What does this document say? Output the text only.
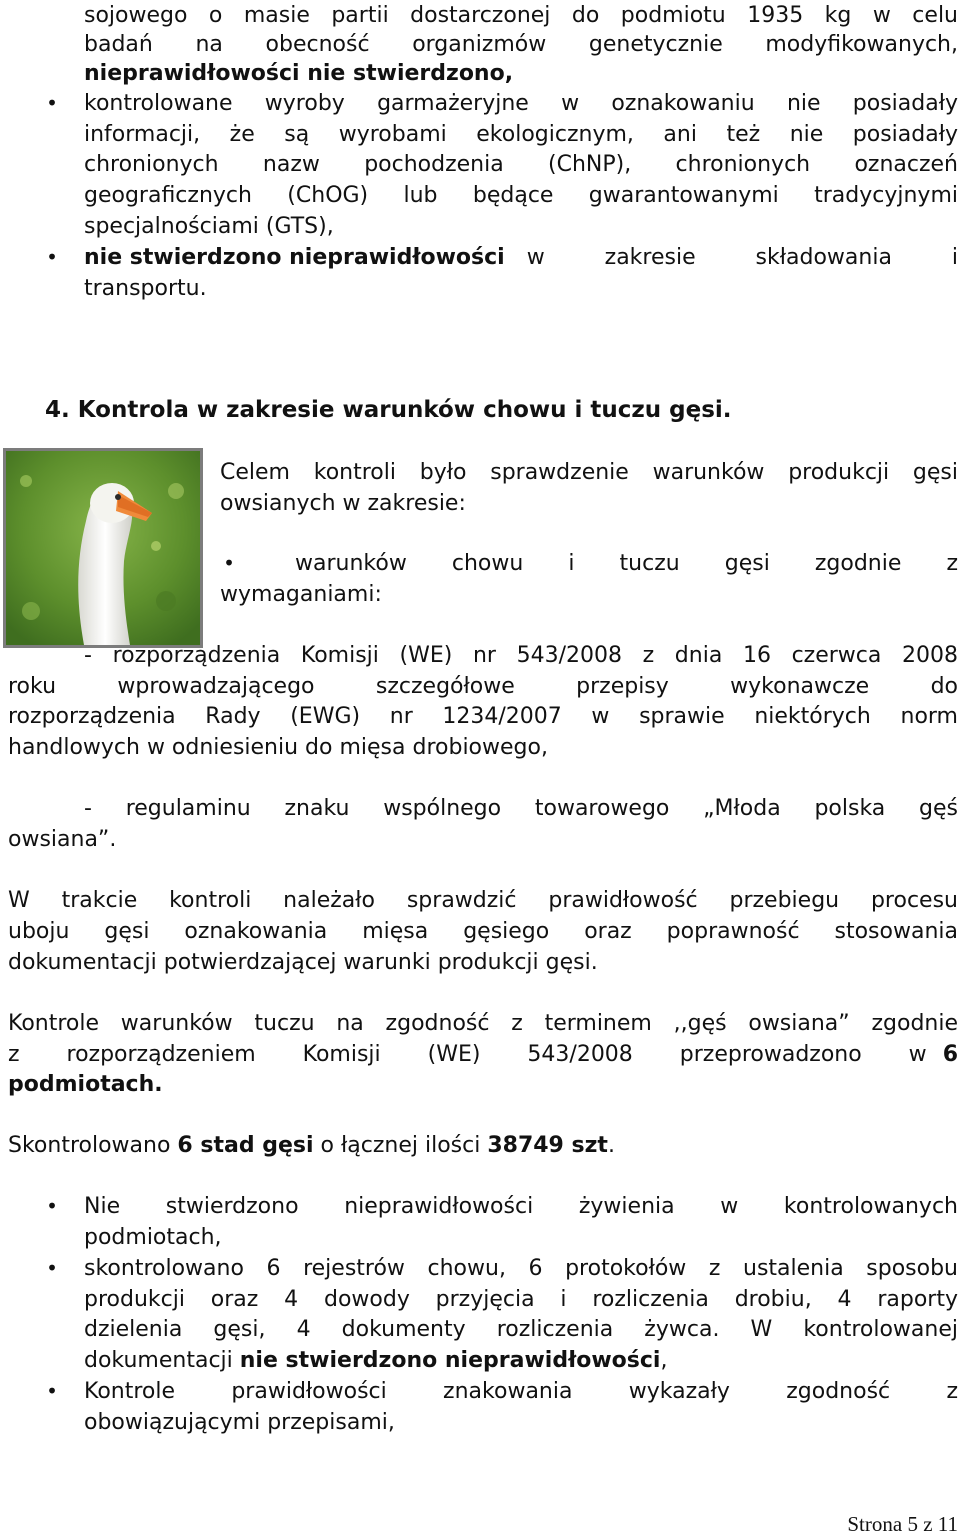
sojowego o masie partii dostarczonej do podmiotu 1935 kg w celu
badań na obecność organizmów genetycznie modyfikowanych,
nieprawidłowości nie stwierdzono,
•	kontrolowane wyroby garmażeryjne w oznakowaniu nie posiadały
informacji, że są wyrobami ekologicznym, ani też nie posiadały
chronionych nazw pochodzenia (ChNP), chronionych oznaczeń
geograficznych (ChOG) lub będące gwarantowanymi tradycyjnymi
specjalnościami (GTS),
•	nie stwierdzono nieprawidłowości w	zakresie	składowania	i
transportu.
4. Kontrola w zakresie warunków chowu i tuczu gęsi.
Celem kontroli było sprawdzenie warunków produkcji gęsi
owsianych w zakresie:
•	warunków chowu i tuczu gęsi zgodnie z
wymaganiami:
- rozporządzenia Komisji (WE) nr 543/2008 z dnia 16 czerwca 2008
roku wprowadzającego szczegółowe przepisy wykonawcze do
rozporządzenia Rady (EWG) nr 1234/2007 w sprawie niektórych norm
handlowych w odniesieniu do mięsa drobiowego,
- regulaminu znaku wspólnego towarowego „Młoda polska gęś
owsiana”.
W trakcie kontroli należało sprawdzić prawidłowość przebiegu procesu
uboju gęsi oznakowania mięsa gęsiego oraz poprawność stosowania
dokumentacji potwierdzającej warunki produkcji gęsi.
Kontrole warunków tuczu na zgodność z terminem ,,gęś owsiana” zgodnie
z rozporządzeniem Komisji (WE) 543/2008 przeprowadzono w 6
podmiotach.
Skontrolowano 6 stad gęsi o łącznej ilości 38749 szt.
•	Nie stwierdzono nieprawidłowości żywienia w kontrolowanych
podmiotach,
•	skontrolowano 6 rejestrów chowu, 6 protokołów z ustalenia sposobu
produkcji oraz 4 dowody przyjęcia i rozliczenia drobiu, 4 raporty
dzielenia gęsi, 4 dokumenty rozliczenia żywca. W kontrolowanej
dokumentacji nie stwierdzono nieprawidłowości,
•	Kontrole prawidłowości znakowania wykazały zgodność z
obowiązującymi przepisami,
Strona 5 z 11
